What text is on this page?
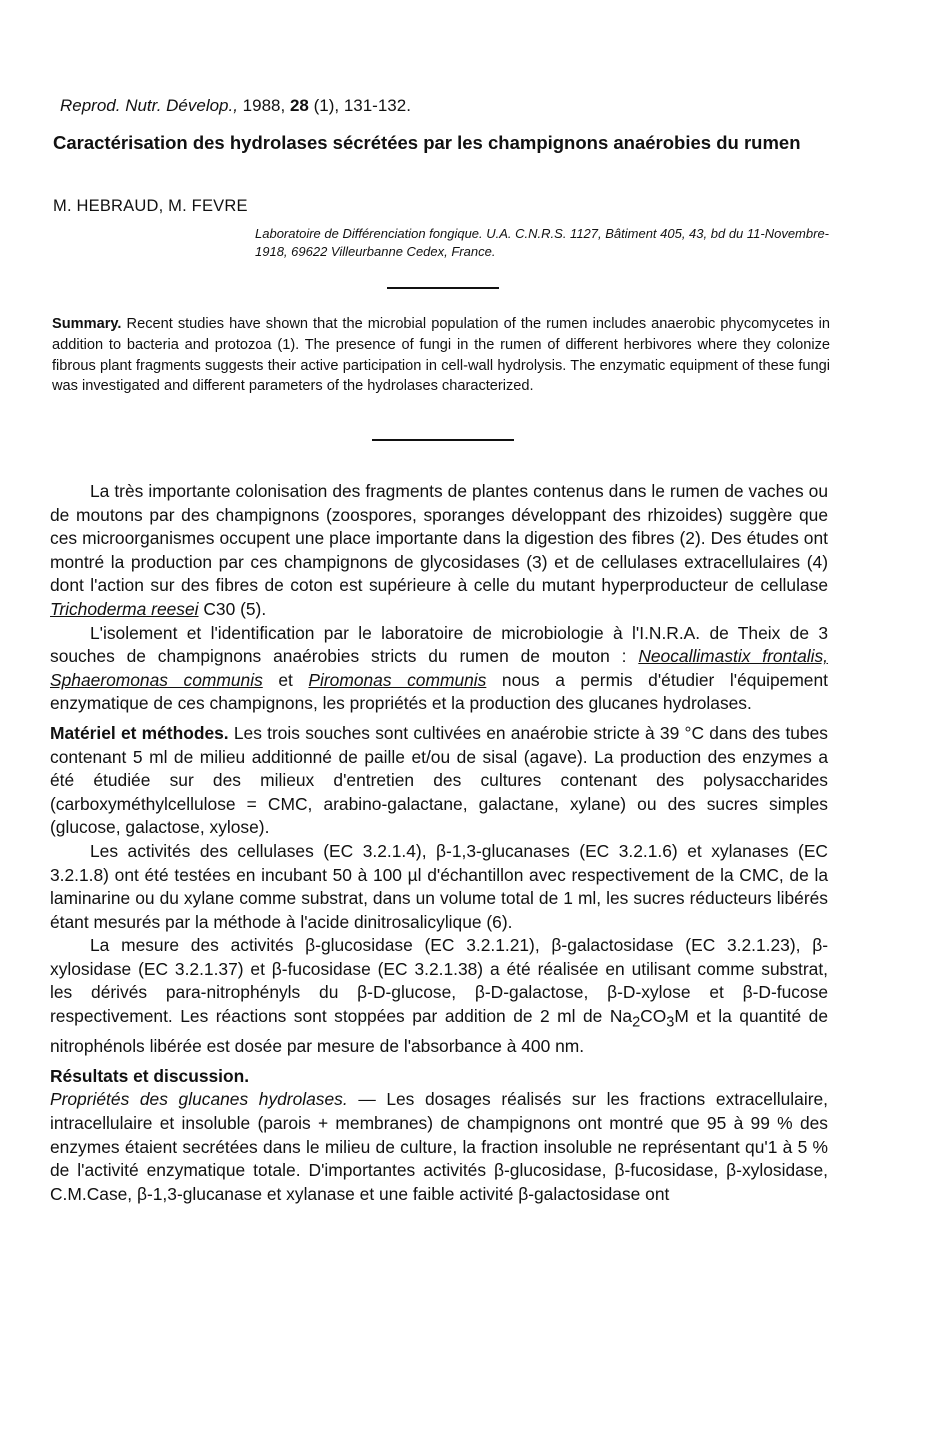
Reprod. Nutr. Dévelop., 1988, 28 (1), 131-132.
Caractérisation des hydrolases sécrétées par les champignons anaérobies du rumen
M. HEBRAUD, M. FEVRE
Laboratoire de Différenciation fongique. U.A. C.N.R.S. 1127, Bâtiment 405, 43, bd du 11-Novembre-1918, 69622 Villeurbanne Cedex, France.
Summary. Recent studies have shown that the microbial population of the rumen includes anaerobic phycomycetes in addition to bacteria and protozoa (1). The presence of fungi in the rumen of different herbivores where they colonize fibrous plant fragments suggests their active participation in cell-wall hydrolysis. The enzymatic equipment of these fungi was investigated and different parameters of the hydrolases characterized.

La très importante colonisation des fragments de plantes contenus dans le rumen de vaches ou de moutons par des champignons (zoospores, sporanges développant des rhizoides) suggère que ces microorganismes occupent une place importante dans la digestion des fibres (2). Des études ont montré la production par ces champignons de glycosidases (3) et de cellulases extracellulaires (4) dont l'action sur des fibres de coton est supérieure à celle du mutant hyperproducteur de cellulase Trichoderma reesei C30 (5).

L'isolement et l'identification par le laboratoire de microbiologie à l'I.N.R.A. de Theix de 3 souches de champignons anaérobies stricts du rumen de mouton : Neocallimastix frontalis, Sphaeromonas communis et Piromonas communis nous a permis d'étudier l'équipement enzymatique de ces champignons, les propriétés et la production des glucanes hydrolases.

Matériel et méthodes. Les trois souches sont cultivées en anaérobie stricte à 39 °C dans des tubes contenant 5 ml de milieu additionné de paille et/ou de sisal (agave). La production des enzymes a été étudiée sur des milieux d'entretien des cultures contenant des polysaccharides (carboxyméthylcellulose = CMC, arabino-galactane, galactane, xylane) ou des sucres simples (glucose, galactose, xylose).

Les activités des cellulases (EC 3.2.1.4), β-1,3-glucanases (EC 3.2.1.6) et xylanases (EC 3.2.1.8) ont été testées en incubant 50 à 100 µl d'échantillon avec respectivement de la CMC, de la laminarine ou du xylane comme substrat, dans un volume total de 1 ml, les sucres réducteurs libérés étant mesurés par la méthode à l'acide dinitrosalicylique (6).

La mesure des activités β-glucosidase (EC 3.2.1.21), β-galactosidase (EC 3.2.1.23), β-xylosidase (EC 3.2.1.37) et β-fucosidase (EC 3.2.1.38) a été réalisée en utilisant comme substrat, les dérivés para-nitrophényls du β-D-glucose, β-D-galactose, β-D-xylose et β-D-fucose respectivement. Les réactions sont stoppées par addition de 2 ml de $Na_2CO_3M$ et la quantité de nitrophénols libérée est dosée par mesure de l'absorbance à 400 nm.

Résultats et discussion.

Propriétés des glucanes hydrolases. — Les dosages réalisés sur les fractions extracellulaire, intracellulaire et insoluble (parois + membranes) de champignons ont montré que 95 à 99 % des enzymes étaient secrétées dans le milieu de culture, la fraction insoluble ne représentant qu'1 à 5 % de l'activité enzymatique totale. D'importantes activités β-glucosidase, β-fucosidase, β-xylosidase, C.M.Case, β-1,3-glucanase et xylanase et une faible activité β-galactosidase ont
